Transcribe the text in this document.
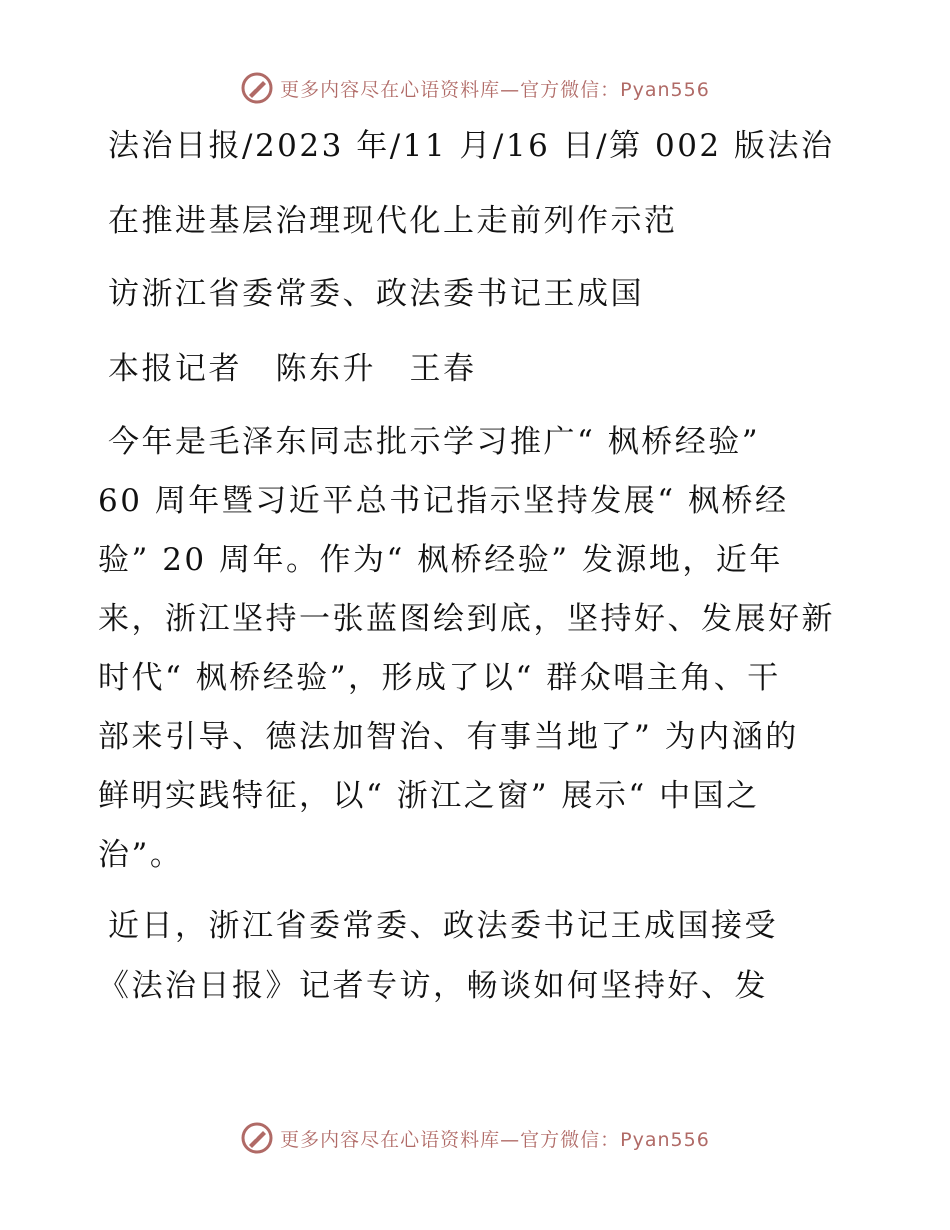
更多内容尽在心语资料库—官方微信：Pyan556
法治日报/2023 年/11 月/16 日/第 002 版法治
在推进基层治理现代化上走前列作示范
访浙江省委常委、政法委书记王成国
本报记者　陈东升　王春
今年是毛泽东同志批示学习推广“ 枫桥经验”
60 周年暨习近平总书记指示坚持发展“ 枫桥经
验” 20 周年。作为“ 枫桥经验” 发源地，近年
来，浙江坚持一张蓝图绘到底，坚持好、发展好新
时代“ 枫桥经验”，形成了以“ 群众唱主角、干
部来引导、德法加智治、有事当地了” 为内涵的
鲜明实践特征，以“ 浙江之窗” 展示“ 中国之
治”。
近日，浙江省委常委、政法委书记王成国接受
《法治日报》记者专访，畅谈如何坚持好、发
更多内容尽在心语资料库—官方微信：Pyan556
